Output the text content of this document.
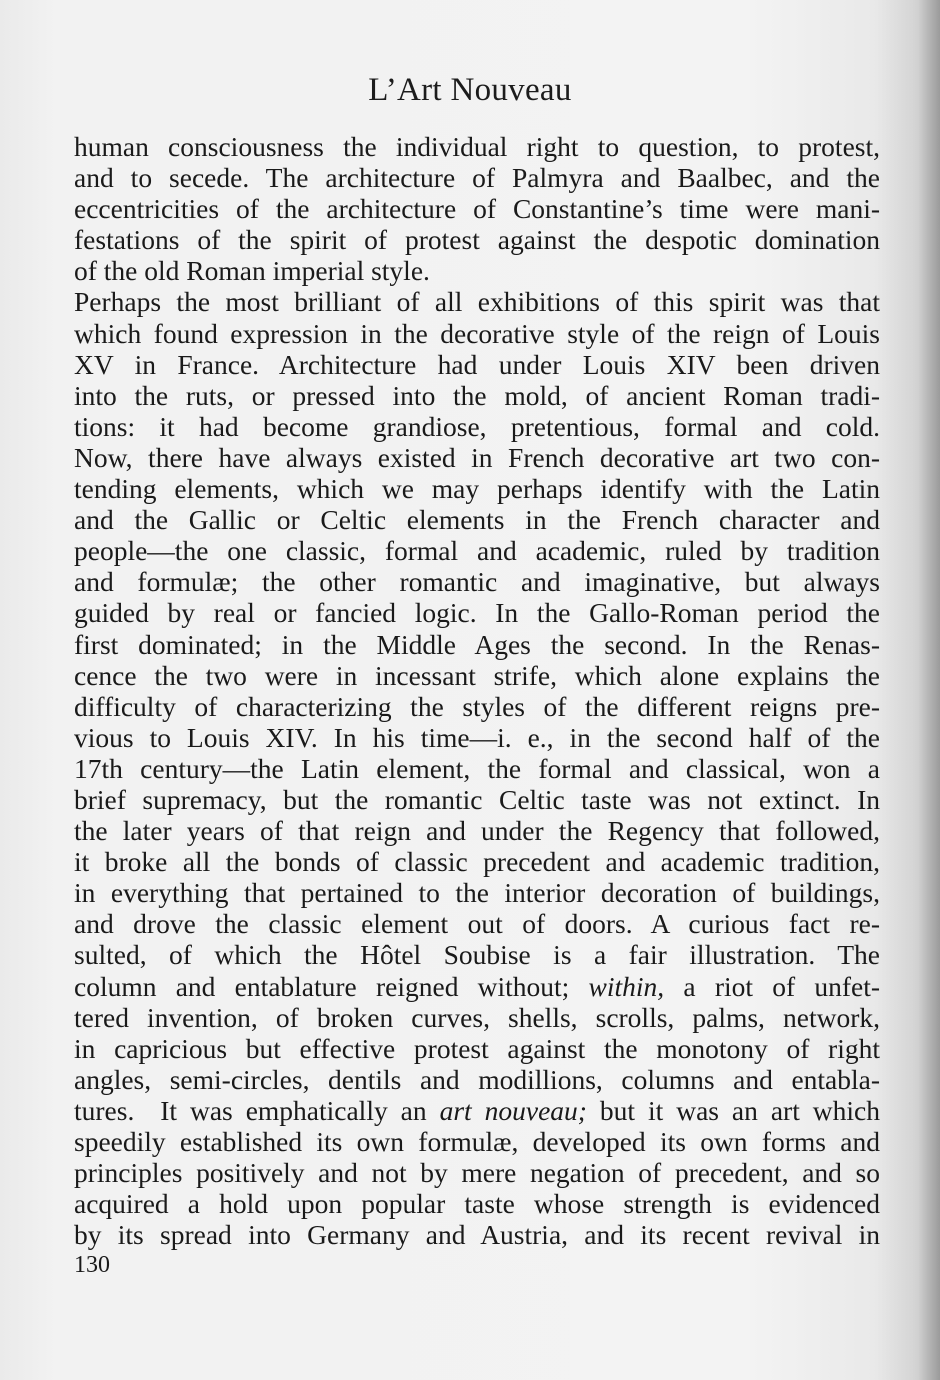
L’Art Nouveau
human consciousness the individual right to question, to protest,
and to secede. The architecture of Palmyra and Baalbec, and the
eccentricities of the architecture of Constantine’s time were mani-
festations of the spirit of protest against the despotic domination
of the old Roman imperial style.
Perhaps the most brilliant of all exhibitions of this spirit was that
which found expression in the decorative style of the reign of Louis
XV in France. Architecture had under Louis XIV been driven
into the ruts, or pressed into the mold, of ancient Roman tradi-
tions: it had become grandiose, pretentious, formal and cold.
Now, there have always existed in French decorative art two con-
tending elements, which we may perhaps identify with the Latin
and the Gallic or Celtic elements in the French character and
people—the one classic, formal and academic, ruled by tradition
and formulæ; the other romantic and imaginative, but always
guided by real or fancied logic. In the Gallo-Roman period the
first dominated; in the Middle Ages the second. In the Renas-
cence the two were in incessant strife, which alone explains the
difficulty of characterizing the styles of the different reigns pre-
vious to Louis XIV. In his time—i. e., in the second half of the
17th century—the Latin element, the formal and classical, won a
brief supremacy, but the romantic Celtic taste was not extinct. In
the later years of that reign and under the Regency that followed,
it broke all the bonds of classic precedent and academic tradition,
in everything that pertained to the interior decoration of buildings,
and drove the classic element out of doors. A curious fact re-
sulted, of which the Hôtel Soubise is a fair illustration. The
column and entablature reigned without; within, a riot of unfet-
tered invention, of broken curves, shells, scrolls, palms, network,
in capricious but effective protest against the monotony of right
angles, semi-circles, dentils and modillions, columns and entabla-
tures.  It was emphatically an art nouveau; but it was an art which
speedily established its own formulæ, developed its own forms and
principles positively and not by mere negation of precedent, and so
acquired a hold upon popular taste whose strength is evidenced
by its spread into Germany and Austria, and its recent revival in
130
